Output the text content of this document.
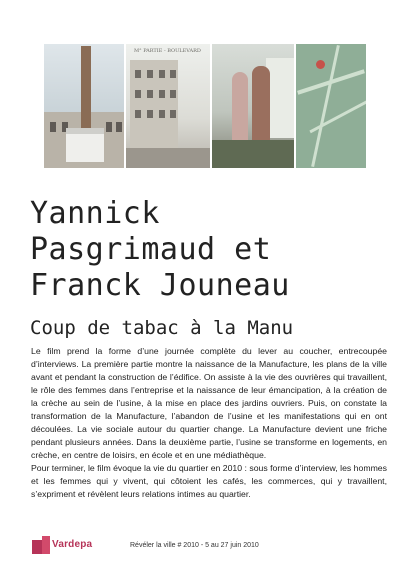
M° PARTIE - BOULEVARD
Yannick
Pasgrimaud et
Franck Jouneau
Coup de tabac à la Manu

Le film prend la forme d’une journée complète du lever au coucher, entrecoupée d’interviews. La première partie montre la naissance de la Manufacture, les plans de la ville avant et pendant la construction de l’édifice. On assiste à la vie des ouvrières qui travaillent, le rôle des femmes dans l’entreprise et la naissance de leur émancipation, à la création de la crèche au sein de l’usine, à la mise en place des jardins ouvriers. Puis, on constate la transformation de la Manufacture, l’abandon de l’usine et les manifestations qui en ont découlées. La vie sociale autour du quartier change. La Manufacture devient une friche pendant plusieurs années. Dans la deuxième partie, l’usine se transforme en logements, en crèche, en centre de loisirs, en école et en une médiathèque.

Pour terminer, le film évoque la vie du quartier en 2010 : sous forme d’interview, les hommes et les femmes qui y vivent, qui côtoient les cafés, les commerces, qui y travaillent, s’expriment et révèlent leurs relations intimes au quartier.

Vardepa	Révéler la ville # 2010 - 5 au 27 juin 2010
